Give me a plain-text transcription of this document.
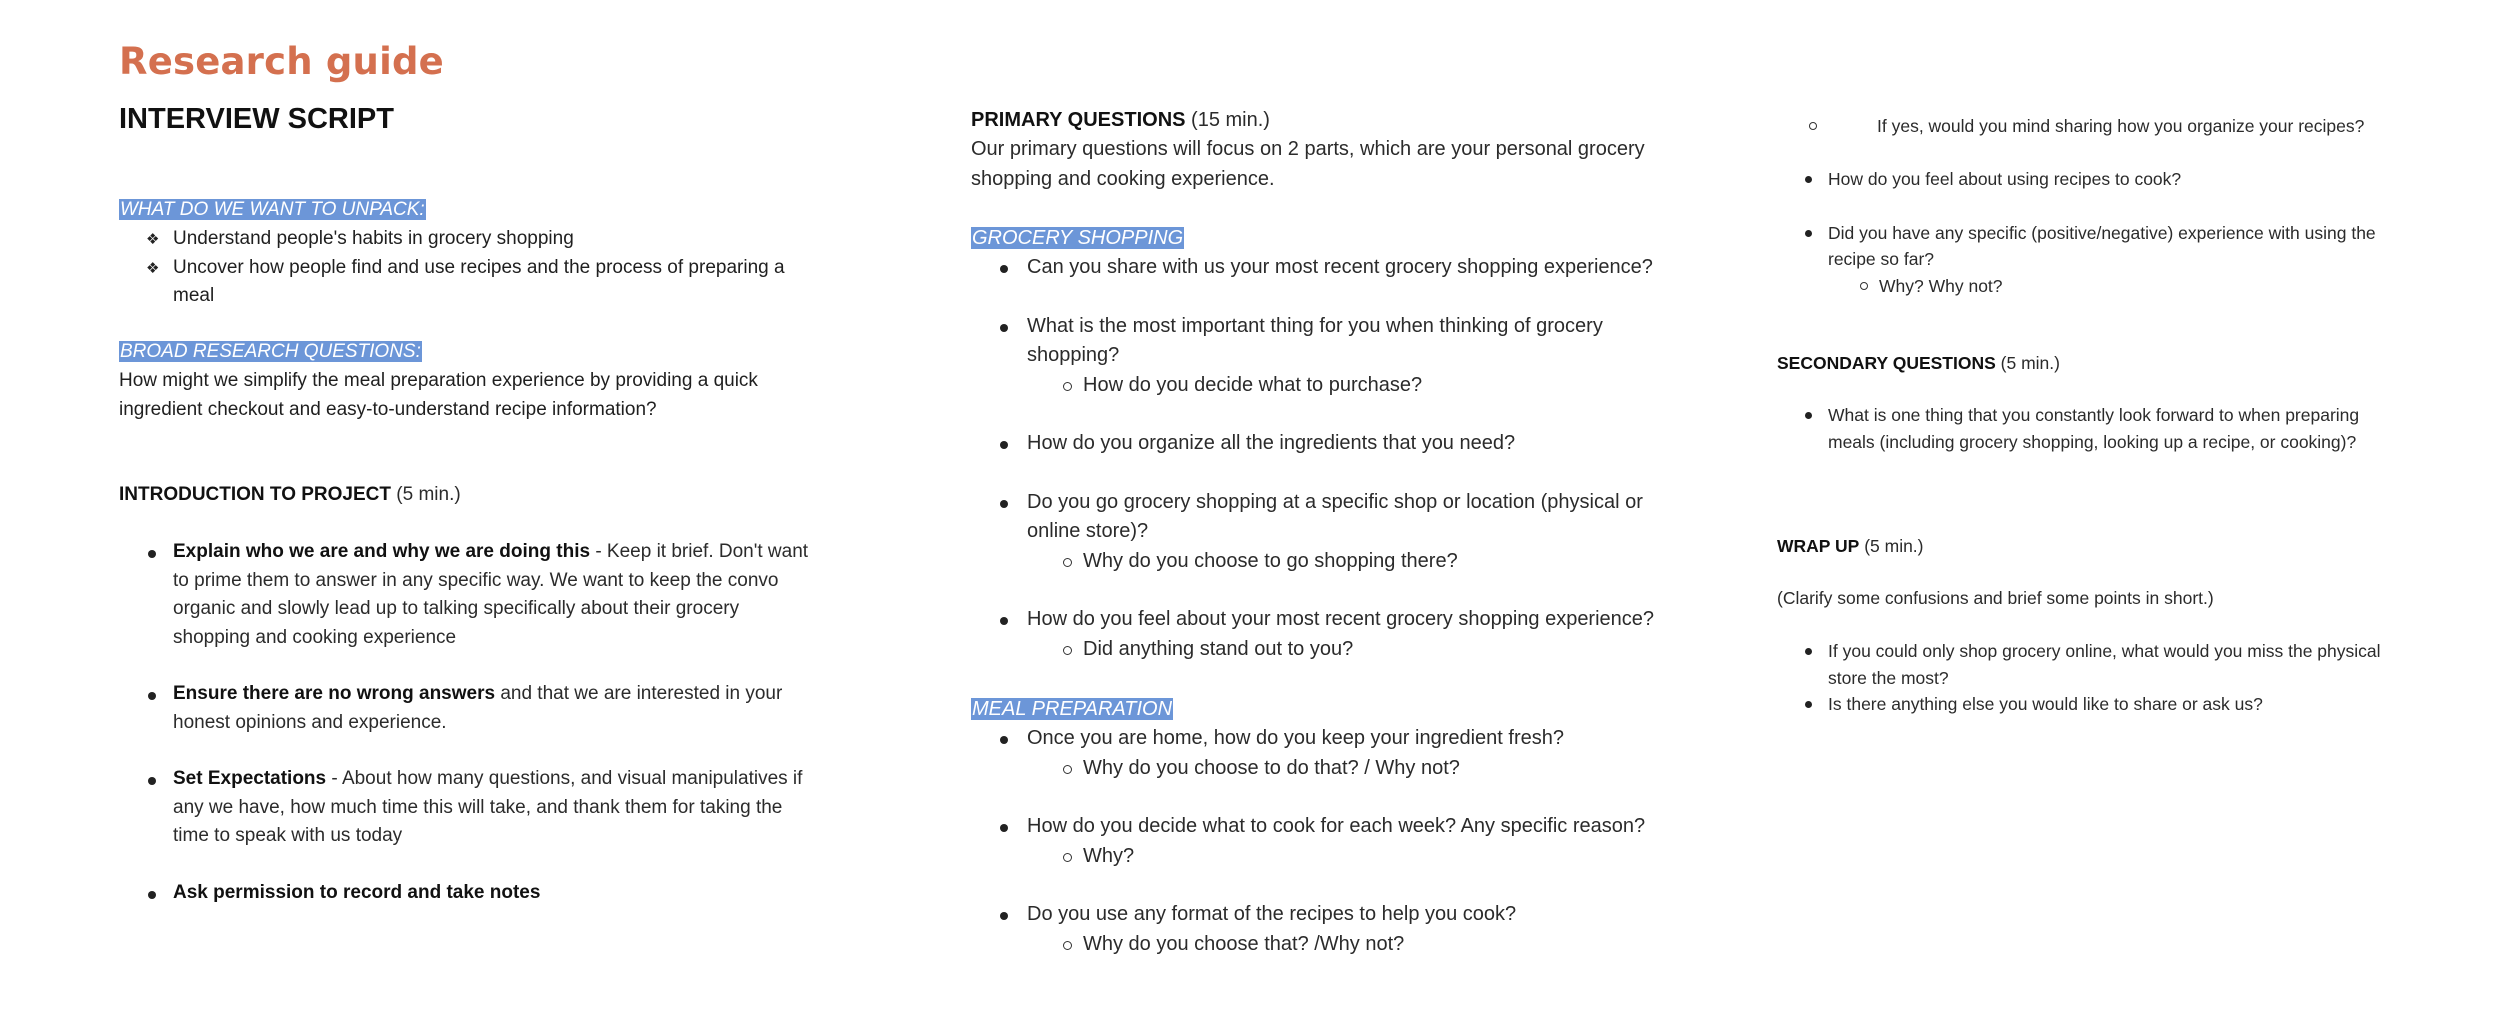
Research guide
INTERVIEW SCRIPT
WHAT DO WE WANT TO UNPACK:
❖ Understand people's habits in grocery shopping
❖ Uncover how people find and use recipes and the process of preparing a meal
BROAD RESEARCH QUESTIONS:
How might we simplify the meal preparation experience by providing a quick ingredient checkout and easy-to-understand recipe information?
INTRODUCTION TO PROJECT (5 min.)
Explain who we are and why we are doing this - Keep it brief. Don't want to prime them to answer in any specific way. We want to keep the convo organic and slowly lead up to talking specifically about their grocery shopping and cooking experience
Ensure there are no wrong answers and that we are interested in your honest opinions and experience.
Set Expectations - About how many questions, and visual manipulatives if any we have, how much time this will take, and thank them for taking the time to speak with us today
Ask permission to record and take notes
PRIMARY QUESTIONS (15 min.)
Our primary questions will focus on 2 parts, which are your personal grocery shopping and cooking experience.
GROCERY SHOPPING
Can you share with us your most recent grocery shopping experience?
What is the most important thing for you when thinking of grocery shopping?
How do you decide what to purchase?
How do you organize all the ingredients that you need?
Do you go grocery shopping at a specific shop or location (physical or online store)?
Why do you choose to go shopping there?
How do you feel about your most recent grocery shopping experience?
Did anything stand out to you?
MEAL PREPARATION
Once you are home, how do you keep your ingredient fresh?
Why do you choose to do that? / Why not?
How do you decide what to cook for each week? Any specific reason?
Why?
Do you use any format of the recipes to help you cook?
Why do you choose that? /Why not?
If yes, would you mind sharing how you organize your recipes?
How do you feel about using recipes to cook?
Did you have any specific (positive/negative) experience with using the recipe so far?
Why? Why not?
SECONDARY QUESTIONS (5 min.)
What is one thing that you constantly look forward to when preparing meals (including grocery shopping, looking up a recipe, or cooking)?
WRAP UP (5 min.)
(Clarify some confusions and brief some points in short.)
If you could only shop grocery online, what would you miss the physical store the most?
Is there anything else you would like to share or ask us?
